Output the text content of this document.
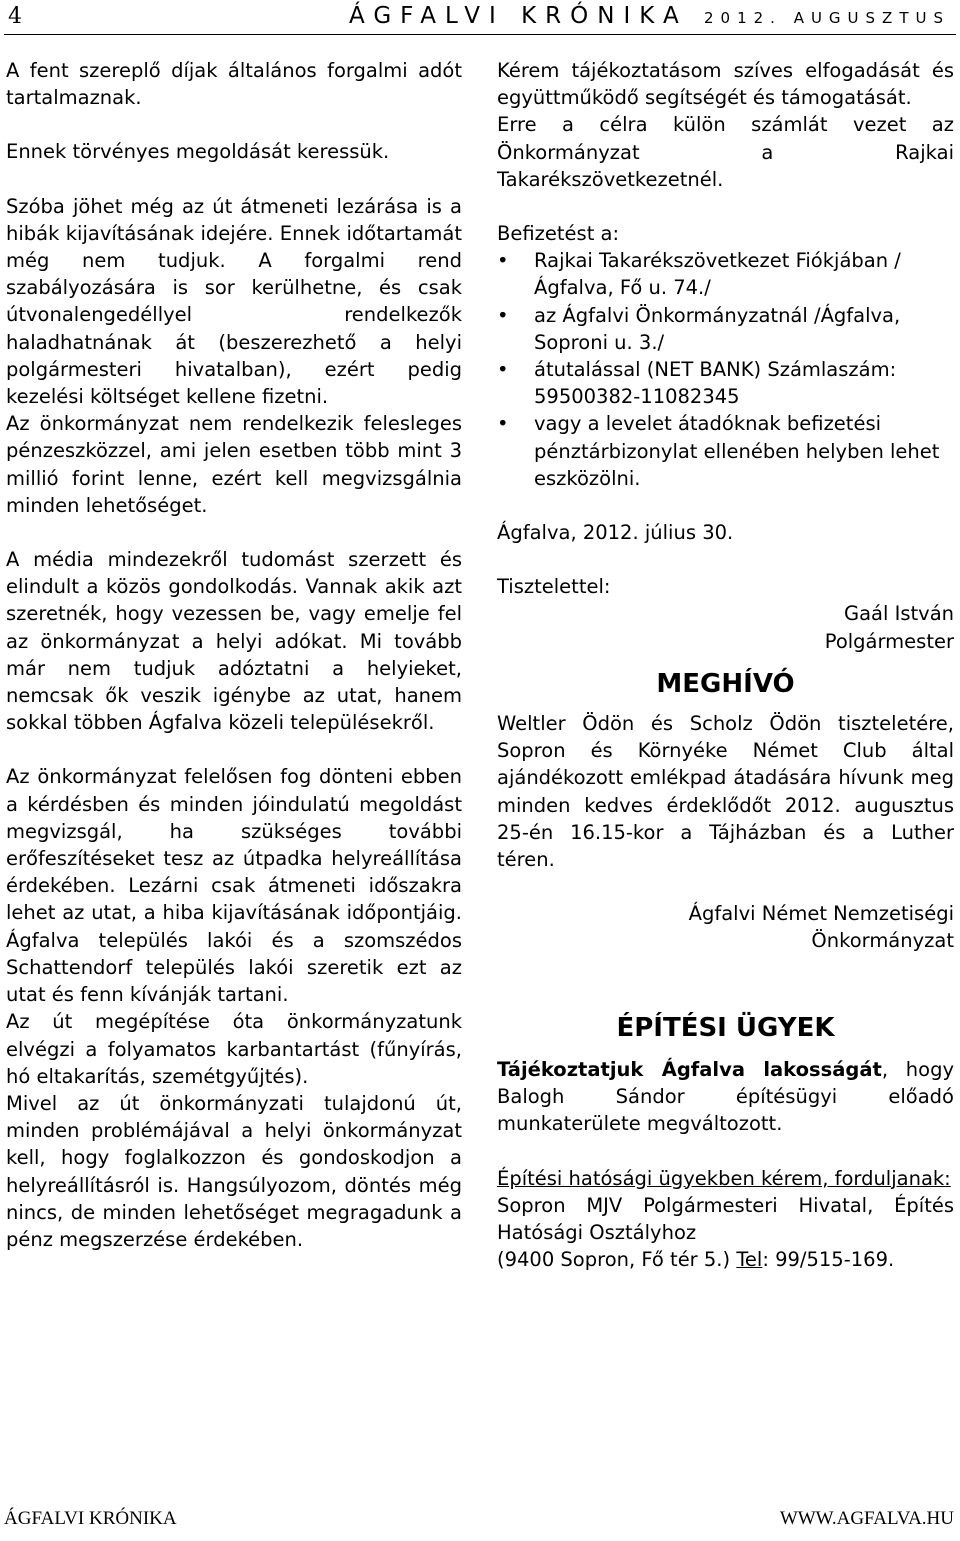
4	ÁGFALVI KRÓNIKA 2012. AUGUSZTUS

A fent szereplő díjak általános forgalmi adót tartalmaznak.

Ennek törvényes megoldását keressük.

Szóba jöhet még az út átmeneti lezárása is a hibák kijavításának idejére. Ennek időtartamát még nem tudjuk. A forgalmi rend szabályozására is sor kerülhetne, és csak útvonalengedéllyel rendelkezők haladhatnának át (beszerezhető a helyi polgármesteri hivatalban), ezért pedig kezelési költséget kellene fizetni.

Az önkormányzat nem rendelkezik felesleges pénzeszközzel, ami jelen esetben több mint 3 millió forint lenne, ezért kell megvizsgálnia minden lehetőséget.

A média mindezekről tudomást szerzett és elindult a közös gondolkodás. Vannak akik azt szeretnék, hogy vezessen be, vagy emelje fel az önkormányzat a helyi adókat. Mi tovább már nem tudjuk adóztatni a helyieket, nemcsak ők veszik igénybe az utat, hanem sokkal többen Ágfalva közeli településekről.

Az önkormányzat felelősen fog dönteni ebben a kérdésben és minden jóindulatú megoldást megvizsgál, ha szükséges további erőfeszítéseket tesz az útpadka helyreállítása érdekében. Lezárni csak átmeneti időszakra lehet az utat, a hiba kijavításának időpontjáig. Ágfalva település lakói és a szomszédos Schattendorf település lakói szeretik ezt az utat és fenn kívánják tartani.

Az út megépítése óta önkormányzatunk elvégzi a folyamatos karbantartást (fűnyírás, hó eltakarítás, szemétgyűjtés).

Mivel az út önkormányzati tulajdonú út, minden problémájával a helyi önkormányzat kell, hogy foglalkozzon és gondoskodjon a helyreállításról is. Hangsúlyozom, döntés még nincs, de minden lehetőséget megragadunk a pénz megszerzése érdekében.

Kérem tájékoztatásom szíves elfogadását és együttműködő segítségét és támogatását.

Erre a célra külön számlát vezet az Önkormányzat a Rajkai Takarékszövetkezetnél.

Befizetést a:

• Rajkai Takarékszövetkezet Fiókjában /Ágfalva, Fő u. 74./
• az Ágfalvi Önkormányzatnál /Ágfalva, Soproni u. 3./
• átutalással (NET BANK) Számlaszám: 59500382-11082345
• vagy a levelet átadóknak befizetési pénztárbizonylat ellenében helyben lehet eszközölni.

Ágfalva, 2012. július 30.

Tisztelettel:

Gaál István

Polgármester

MEGHÍVÓ

Weltler Ödön és Scholz Ödön tiszteletére, Sopron és Környéke Német Club által ajándékozott emlékpad átadására hívunk meg minden kedves érdeklődőt 2012. augusztus 25-én 16.15-kor a Tájházban és a Luther téren.

Ágfalvi Német Nemzetiségi

Önkormányzat

ÉPÍTÉSI ÜGYEK

Tájékoztatjuk Ágfalva lakosságát, hogy Balogh Sándor építésügyi előadó munkaterülete megváltozott.

Építési hatósági ügyekben kérem, forduljanak:

Sopron MJV Polgármesteri Hivatal, Építés Hatósági Osztályhoz

(9400 Sopron, Fő tér 5.) Tel: 99/515-169.

ÁGFALVI KRÓNIKA	WWW.AGFALVA.HU
